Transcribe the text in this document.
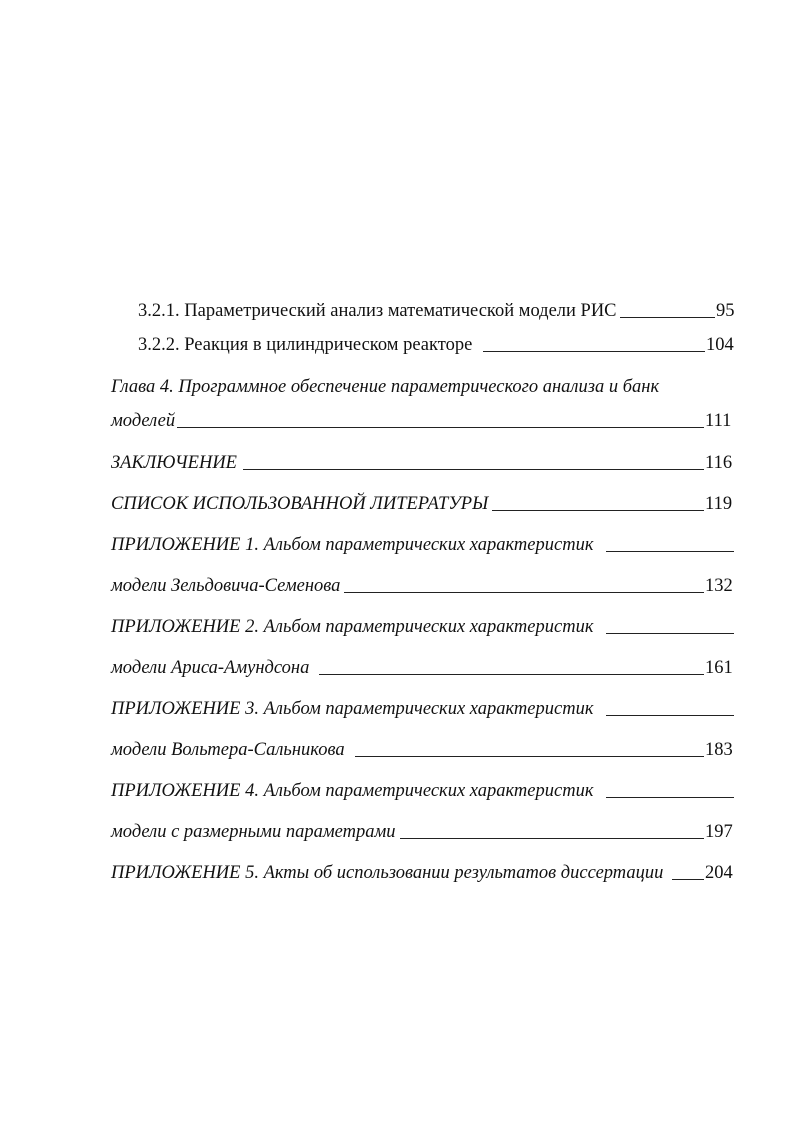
3.2.1. Параметрический анализ математической модели РИС	95
3.2.2. Реакция в цилиндрическом реакторе	104
Глава 4. Программное обеспечение параметрического анализа и банк
моделей	111
ЗАКЛЮЧЕНИЕ	116
СПИСОК ИСПОЛЬЗОВАННОЙ ЛИТЕРАТУРЫ	119
ПРИЛОЖЕНИЕ 1. Альбом параметрических характеристик
модели Зельдовича-Семенова	132
ПРИЛОЖЕНИЕ 2. Альбом параметрических характеристик
модели Ариса-Амундсона	161
ПРИЛОЖЕНИЕ 3. Альбом параметрических характеристик
модели Вольтера-Сальникова	183
ПРИЛОЖЕНИЕ 4. Альбом параметрических характеристик
модели с размерными параметрами	197
ПРИЛОЖЕНИЕ 5. Акты об использовании результатов диссертации 204
